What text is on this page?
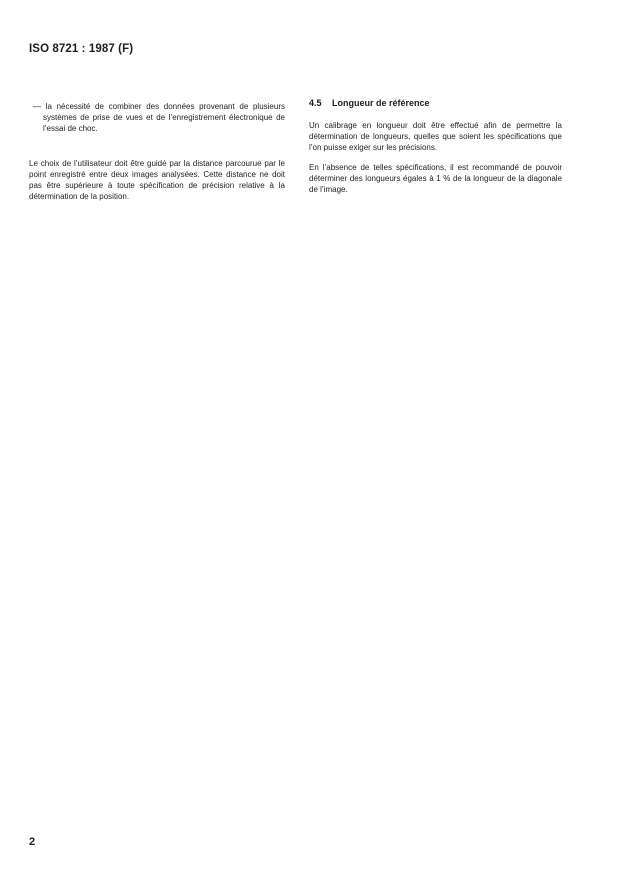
ISO 8721 : 1987 (F)

— la nécessité de combiner des données provenant de plusieurs systèmes de prise de vues et de l’enregistrement électronique de l’essai de choc.

Le choix de l’utilisateur doit être guidé par la distance parcourue par le point enregistré entre deux images analysées. Cette distance ne doit pas être supérieure à toute spécification de précision relative à la détermination de la position.

4.5	Longueur de référence

Un calibrage en longueur doit être effectué afin de permettre la détermination de longueurs, quelles que soient les spécifications que l’on puisse exiger sur les précisions.

En l’absence de telles spécifications, il est recommandé de pouvoir déterminer des longueurs égales à 1 % de la longueur de la diagonale de l’image.

2
